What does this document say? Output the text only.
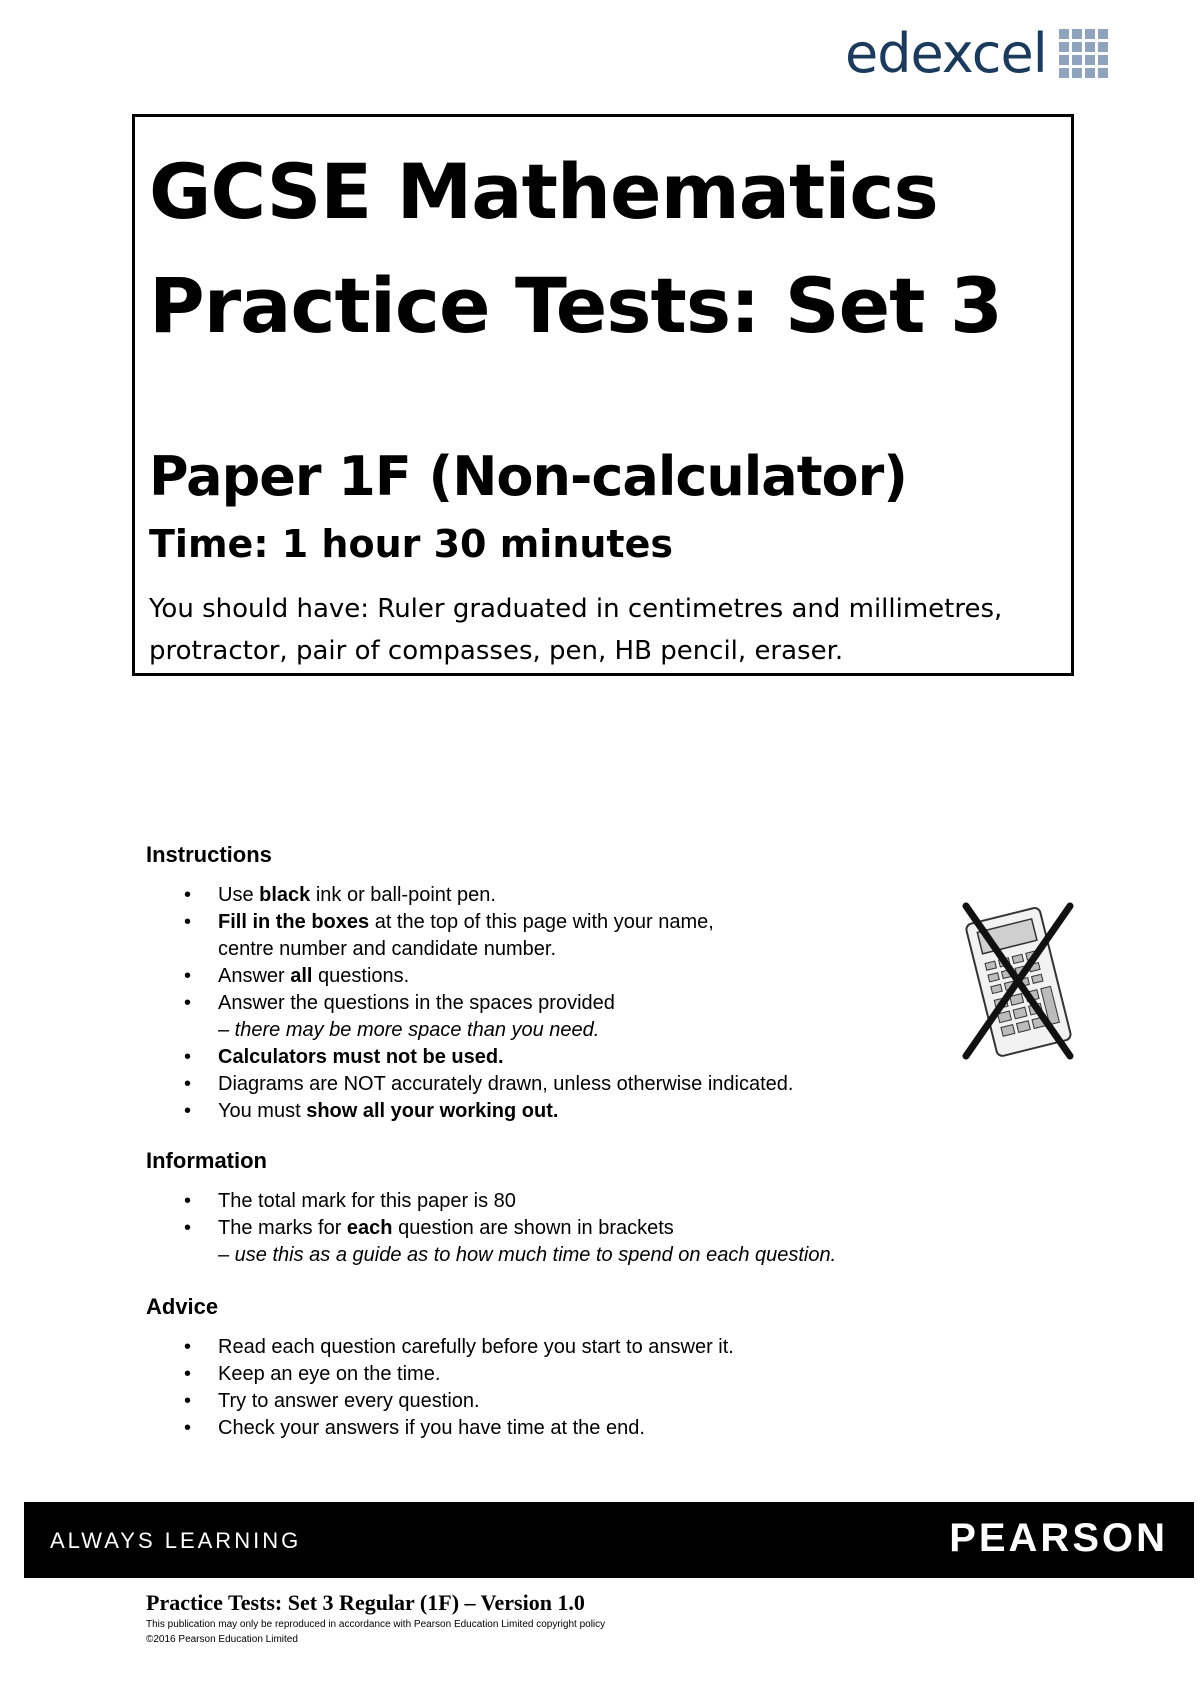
edexcel

GCSE Mathematics

Practice Tests: Set 3

Paper 1F (Non-calculator)

Time: 1 hour 30 minutes

You should have: Ruler graduated in centimetres and millimetres,
protractor, pair of compasses, pen, HB pencil, eraser.

Instructions
• Use black ink or ball-point pen.
• Fill in the boxes at the top of this page with your name,
centre number and candidate number.
• Answer all questions.
• Answer the questions in the spaces provided
– there may be more space than you need.
• Calculators must not be used.
• Diagrams are NOT accurately drawn, unless otherwise indicated.
• You must show all your working out.
Information
• The total mark for this paper is 80
• The marks for each question are shown in brackets
– use this as a guide as to how much time to spend on each question.
Advice
• Read each question carefully before you start to answer it.
• Keep an eye on the time.
• Try to answer every question.
• Check your answers if you have time at the end.
ALWAYS LEARNING	PEARSON

Practice Tests: Set 3 Regular (1F) – Version 1.0

This publication may only be reproduced in accordance with Pearson Education Limited copyright policy

©2016 Pearson Education Limited
